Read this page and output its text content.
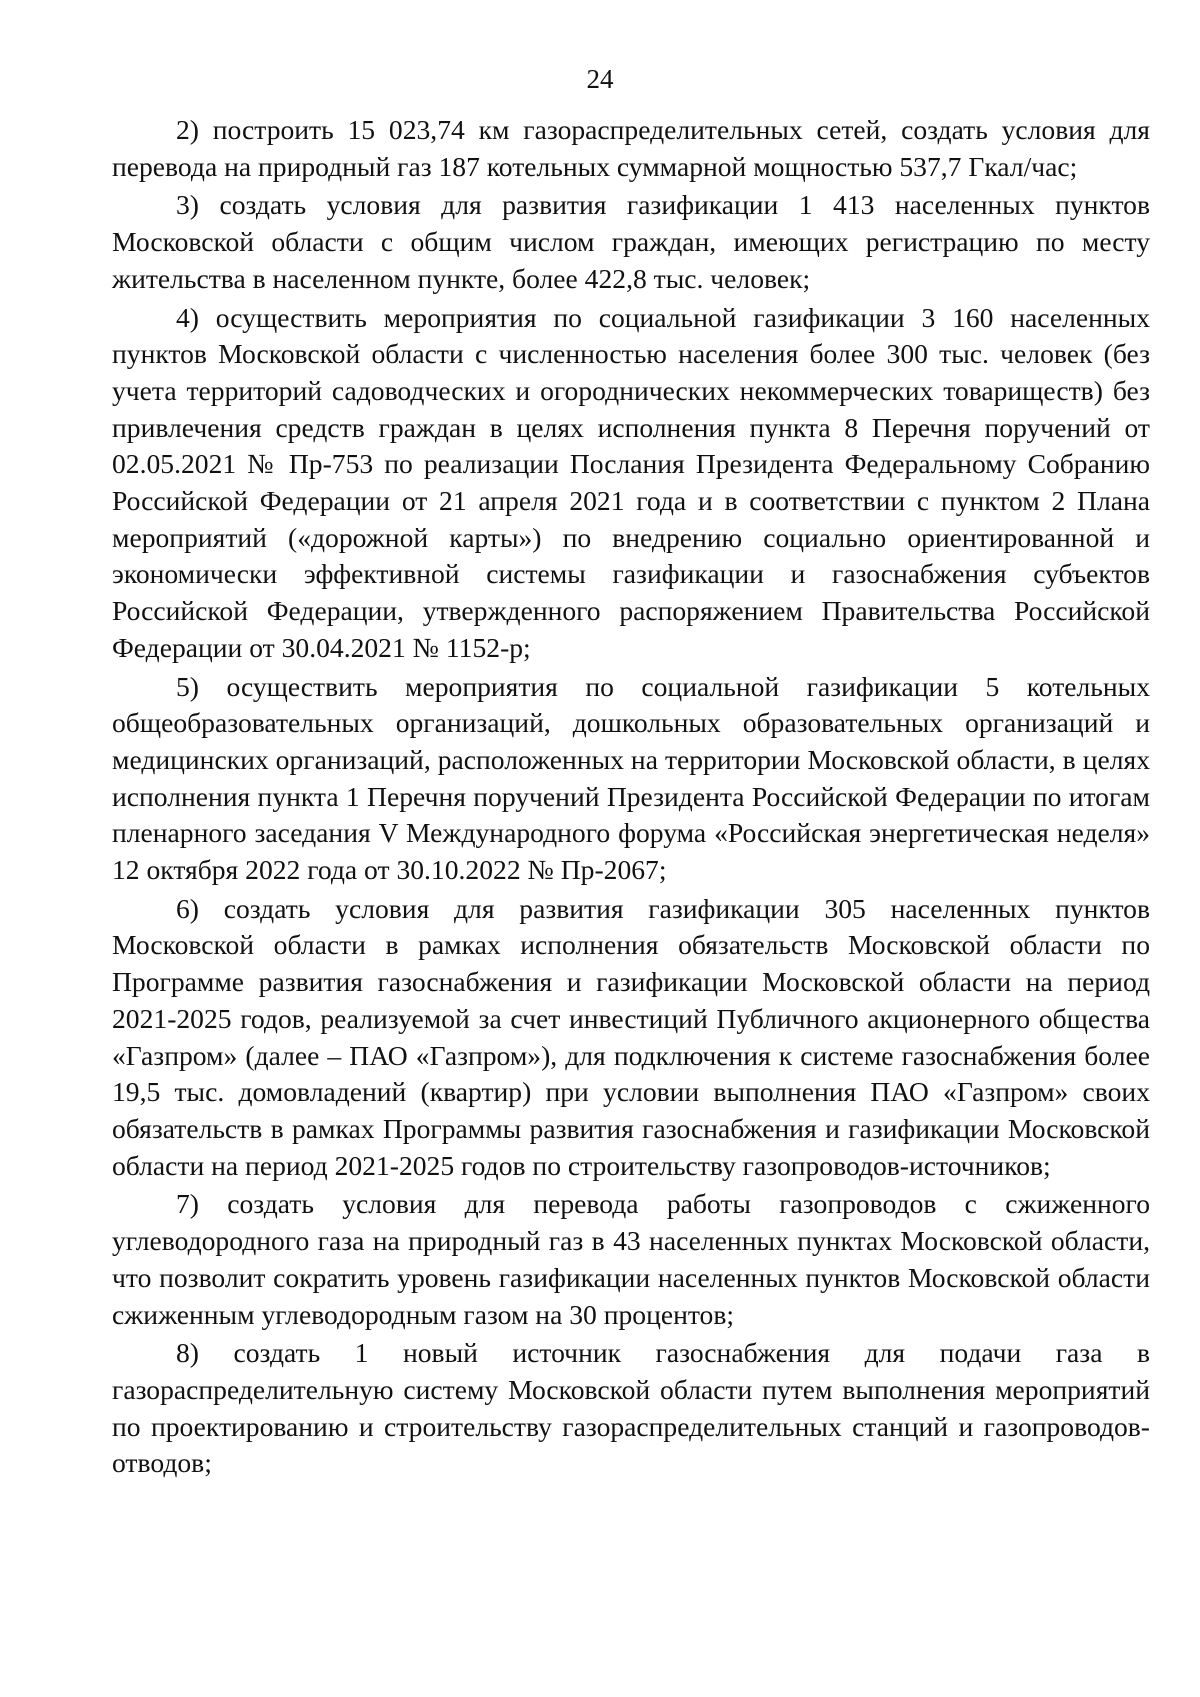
24

2) построить 15 023,74 км газораспределительных сетей, создать условия для перевода на природный газ 187 котельных суммарной мощностью 537,7 Гкал/час;

3) создать условия для развития газификации 1 413 населенных пунктов Московской области с общим числом граждан, имеющих регистрацию по месту жительства в населенном пункте, более 422,8 тыс. человек;

4) осуществить мероприятия по социальной газификации 3 160 населенных пунктов Московской области с численностью населения более 300 тыс. человек (без учета территорий садоводческих и огороднических некоммерческих товариществ) без привлечения средств граждан в целях исполнения пункта 8 Перечня поручений от 02.05.2021 № Пр-753 по реализации Послания Президента Федеральному Собранию Российской Федерации от 21 апреля 2021 года и в соответствии с пунктом 2 Плана мероприятий («дорожной карты») по внедрению социально ориентированной и экономически эффективной системы газификации и газоснабжения субъектов Российской Федерации, утвержденного распоряжением Правительства Российской Федерации от 30.04.2021 № 1152-р;

5) осуществить мероприятия по социальной газификации 5 котельных общеобразовательных организаций, дошкольных образовательных организаций и медицинских организаций, расположенных на территории Московской области, в целях исполнения пункта 1 Перечня поручений Президента Российской Федерации по итогам пленарного заседания V Международного форума «Российская энергетическая неделя» 12 октября 2022 года от 30.10.2022 № Пр-2067;

6) создать условия для развития газификации 305 населенных пунктов Московской области в рамках исполнения обязательств Московской области по Программе развития газоснабжения и газификации Московской области на период 2021-2025 годов, реализуемой за счет инвестиций Публичного акционерного общества «Газпром» (далее – ПАО «Газпром»), для подключения к системе газоснабжения более 19,5 тыс. домовладений (квартир) при условии выполнения ПАО «Газпром» своих обязательств в рамках Программы развития газоснабжения и газификации Московской области на период 2021-2025 годов по строительству газопроводов-источников;

7) создать условия для перевода работы газопроводов с сжиженного углеводородного газа на природный газ в 43 населенных пунктах Московской области, что позволит сократить уровень газификации населенных пунктов Московской области сжиженным углеводородным газом на 30 процентов;

8) создать 1 новый источник газоснабжения для подачи газа в газораспределительную систему Московской области путем выполнения мероприятий по проектированию и строительству газораспределительных станций и газопроводов-отводов;
